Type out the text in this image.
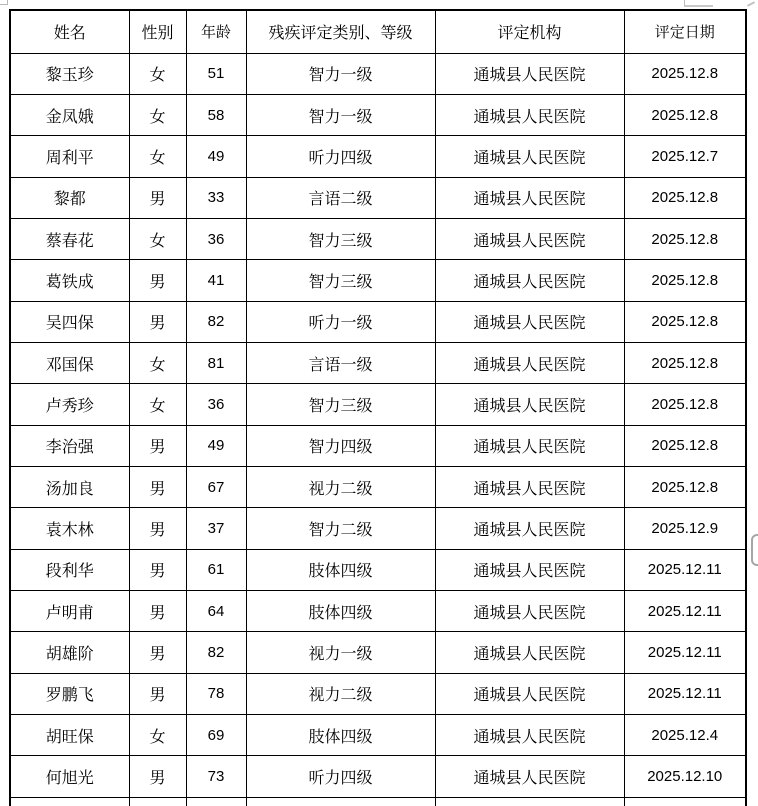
姓名	性别	年龄	残疾评定类别、等级	评定机构	评定日期
黎玉珍	女	51	智力一级	通城县人民医院	2025.12.8
金凤娥	女	58	智力一级	通城县人民医院	2025.12.8
周利平	女	49	听力四级	通城县人民医院	2025.12.7
黎都	男	33	言语二级	通城县人民医院	2025.12.8
蔡春花	女	36	智力三级	通城县人民医院	2025.12.8
葛铁成	男	41	智力三级	通城县人民医院	2025.12.8
吴四保	男	82	听力一级	通城县人民医院	2025.12.8
邓国保	女	81	言语一级	通城县人民医院	2025.12.8
卢秀珍	女	36	智力三级	通城县人民医院	2025.12.8
李治强	男	49	智力四级	通城县人民医院	2025.12.8
汤加良	男	67	视力二级	通城县人民医院	2025.12.8
袁木林	男	37	智力二级	通城县人民医院	2025.12.9
段利华	男	61	肢体四级	通城县人民医院	2025.12.11
卢明甫	男	64	肢体四级	通城县人民医院	2025.12.11
胡雄阶	男	82	视力一级	通城县人民医院	2025.12.11
罗鹏飞	男	78	视力二级	通城县人民医院	2025.12.11
胡旺保	女	69	肢体四级	通城县人民医院	2025.12.4
何旭光	男	73	听力四级	通城县人民医院	2025.12.10
